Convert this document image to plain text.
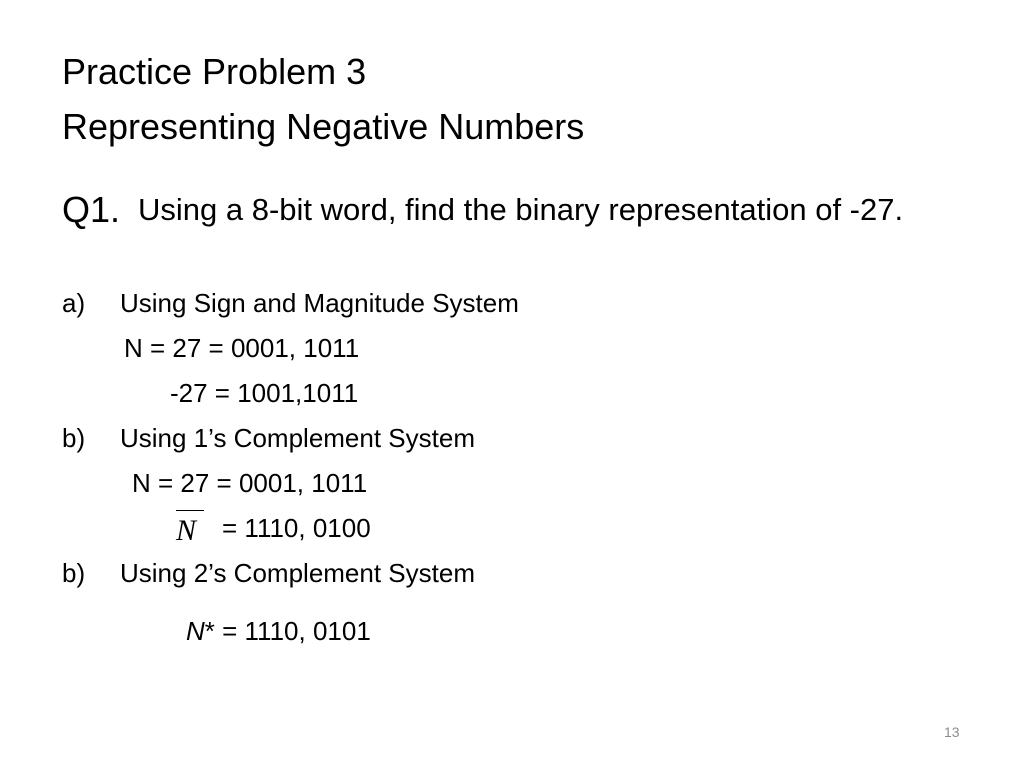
Practice Problem 3
Representing Negative Numbers
Q1. Using a 8-bit word, find the binary representation of -27.
a) Using Sign and Magnitude System
N = 27 = 0001, 1011
-27 = 1001,1011
b) Using 1’s Complement System
N = 27 = 0001, 1011
N = 1110, 0100
b) Using 2’s Complement System
N* = 1110, 0101
13
